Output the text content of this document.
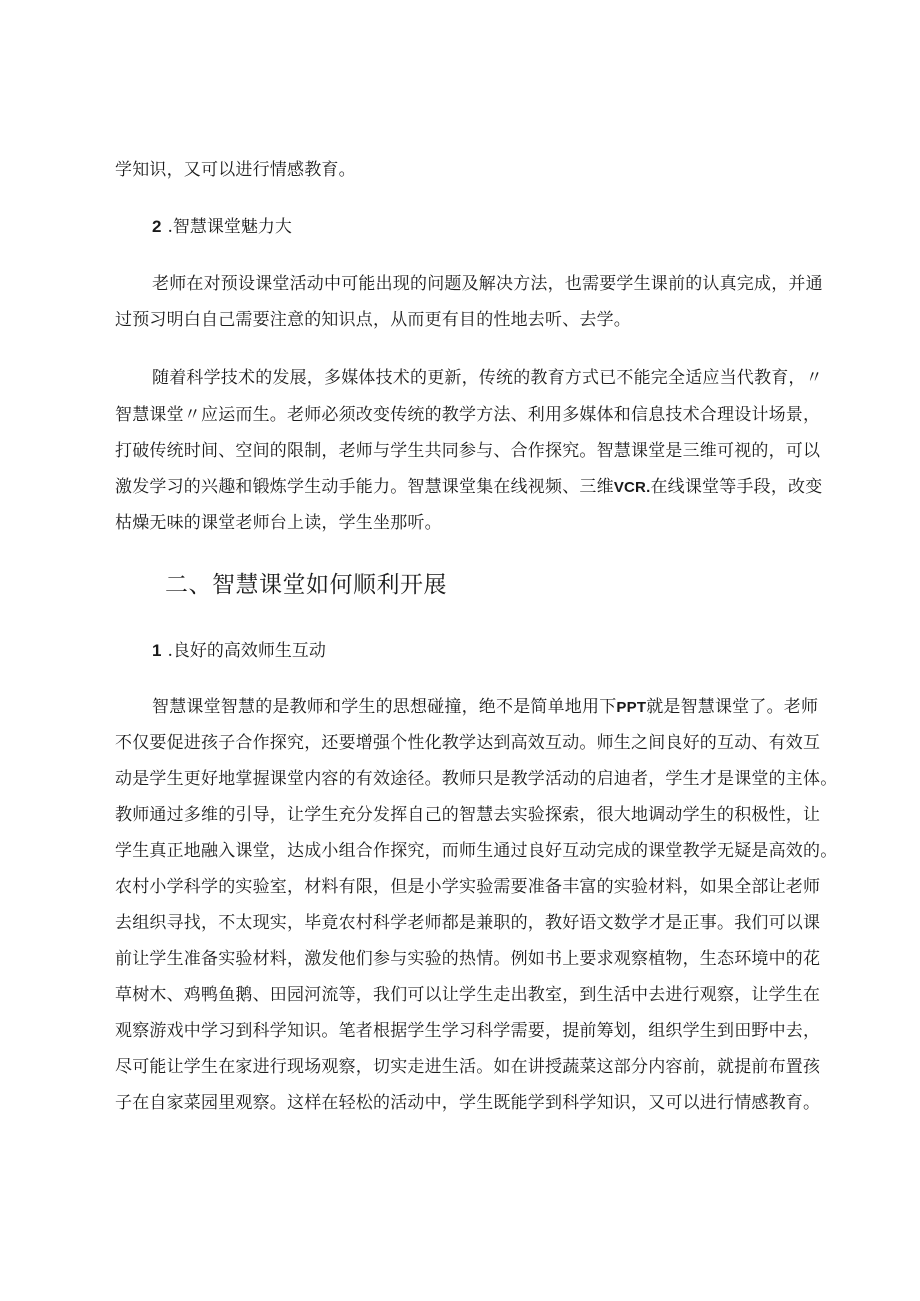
学知识，又可以进行情感教育。
2 .智慧课堂魅力大
老师在对预设课堂活动中可能出现的问题及解决方法，也需要学生课前的认真完成，并通
过预习明白自己需要注意的知识点，从而更有目的性地去听、去学。
随着科学技术的发展，多媒体技术的更新，传统的教育方式已不能完全适应当代教育，〃
智慧课堂〃应运而生。老师必须改变传统的教学方法、利用多媒体和信息技术合理设计场景，
打破传统时间、空间的限制，老师与学生共同参与、合作探究。智慧课堂是三维可视的，可以
激发学习的兴趣和锻炼学生动手能力。智慧课堂集在线视频、三维VCR.在线课堂等手段，改变
枯燥无味的课堂老师台上读，学生坐那听。
二、智慧课堂如何顺利开展
1 .良好的高效师生互动
智慧课堂智慧的是教师和学生的思想碰撞，绝不是简单地用下PPT就是智慧课堂了。老师
不仅要促进孩子合作探究，还要增强个性化教学达到高效互动。师生之间良好的互动、有效互
动是学生更好地掌握课堂内容的有效途径。教师只是教学活动的启迪者，学生才是课堂的主体。
教师通过多维的引导，让学生充分发挥自己的智慧去实验探索，很大地调动学生的积极性，让
学生真正地融入课堂，达成小组合作探究，而师生通过良好互动完成的课堂教学无疑是高效的。
农村小学科学的实验室，材料有限，但是小学实验需要准备丰富的实验材料，如果全部让老师
去组织寻找，不太现实，毕竟农村科学老师都是兼职的，教好语文数学才是正事。我们可以课
前让学生准备实验材料，激发他们参与实验的热情。例如书上要求观察植物，生态环境中的花
草树木、鸡鸭鱼鹅、田园河流等，我们可以让学生走出教室，到生活中去进行观察，让学生在
观察游戏中学习到科学知识。笔者根据学生学习科学需要，提前筹划，组织学生到田野中去，
尽可能让学生在家进行现场观察，切实走进生活。如在讲授蔬菜这部分内容前，就提前布置孩
子在自家菜园里观察。这样在轻松的活动中，学生既能学到科学知识，又可以进行情感教育。
